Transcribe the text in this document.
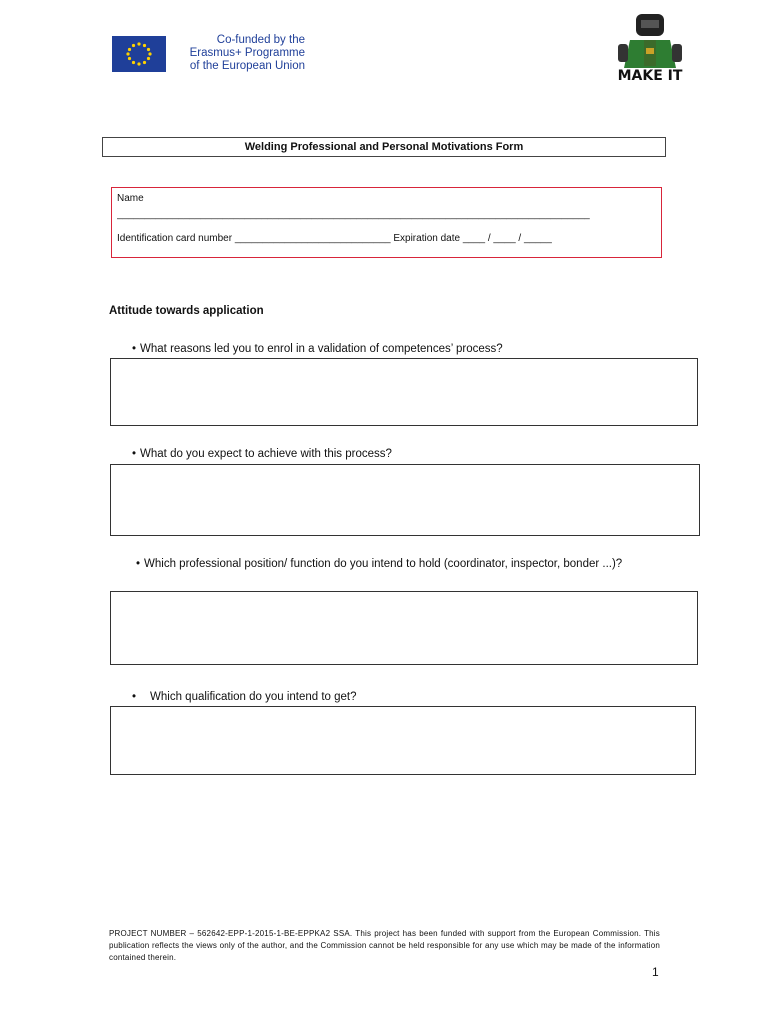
Co-funded by the
Erasmus+ Programme
of the European Union
MAKE IT
Welding Professional and Personal Motivations Form
Name
_____________________________________________________________________________________
Identification card number ____________________________ Expiration date ____ / ____ / _____
Attitude towards application
• What reasons led you to enrol in a validation of competences’ process?
• What do you expect to achieve with this process?
• Which professional position/ function do you intend to hold (coordinator, inspector, bonder ...)?
• Which qualification do you intend to get?
PROJECT NUMBER – 562642-EPP-1-2015-1-BE-EPPKA2 SSA. This project has been funded with support from the European Commission. This publication reflects the views only of the author, and the Commission cannot be held responsible for any use which may be made of the information contained therein.
1
